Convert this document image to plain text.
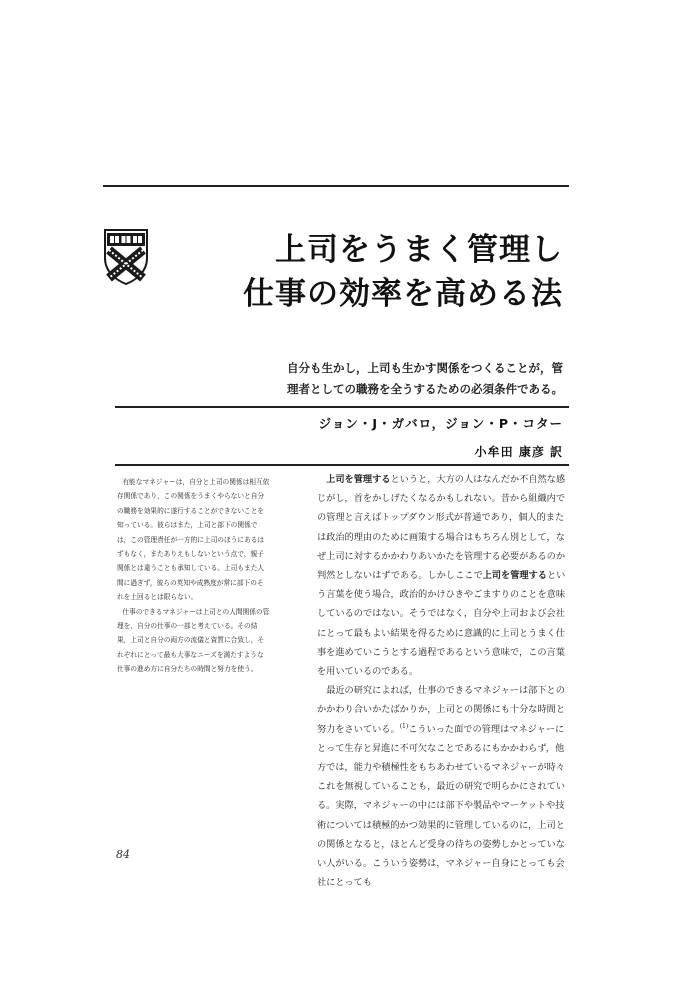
上司をうまく管理し
仕事の効率を高める法
自分も生かし，上司も生かす関係をつくることが，管
理者としての職務を全うするための必須条件である。
ジョン・J・ガバロ，ジョン・P・コター
小牟田 康彦 訳

有能なマネジャーは，自分と上司の関係は相互依存関係であり，この関係をうまくやらないと自分の職務を効果的に遂行することができないことを知っている。彼らはまた，上司と部下の関係では，この管理責任が一方的に上司のほうにあるはずもなく，またありえもしないという点で，親子関係とは違うことも承知している。上司もまた人間に過ぎず，彼らの英知や成熟度が常に部下のそれを上回るとは限らない。

仕事のできるマネジャーは上司との人間関係の管理を，自分の仕事の一部と考えている。その結果，上司と自分の両方の流儀と資質に合致し，それぞれにとって最も大事なニーズを満たすような仕事の進め方に自分たちの時間と努力を使う。

上司を管理するというと，大方の人はなんだか不自然な感じがし，首をかしげたくなるかもしれない。昔から組織内での管理と言えばトップダウン形式が普通であり，個人的または政治的理由のために画策する場合はもちろん別として，なぜ上司に対するかかわりあいかたを管理する必要があるのか判然としないはずである。しかしここで上司を管理するという言葉を使う場合，政治的かけひきやごますりのことを意味しているのではない。そうではなく，自分や上司および会社にとって最もよい結果を得るために意識的に上司とうまく仕事を進めていこうとする過程であるという意味で，この言葉を用いているのである。

最近の研究によれば，仕事のできるマネジャーは部下とのかかわり合いかたばかりか，上司との関係にも十分な時間と努力をさいている。$^{(1)}$こういった面での管理はマネジャーにとって生存と昇進に不可欠なことであるにもかかわらず，他方では，能力や積極性をもちあわせているマネジャーが時々これを無視していることも，最近の研究で明らかにされている。実際，マネジャーの中には部下や製品やマーケットや技術については積極的かつ効果的に管理しているのに，上司との関係となると，ほとんど受身の待ちの姿勢しかとっていない人がいる。こういう姿勢は，マネジャー自身にとっても会社にとっても

84
